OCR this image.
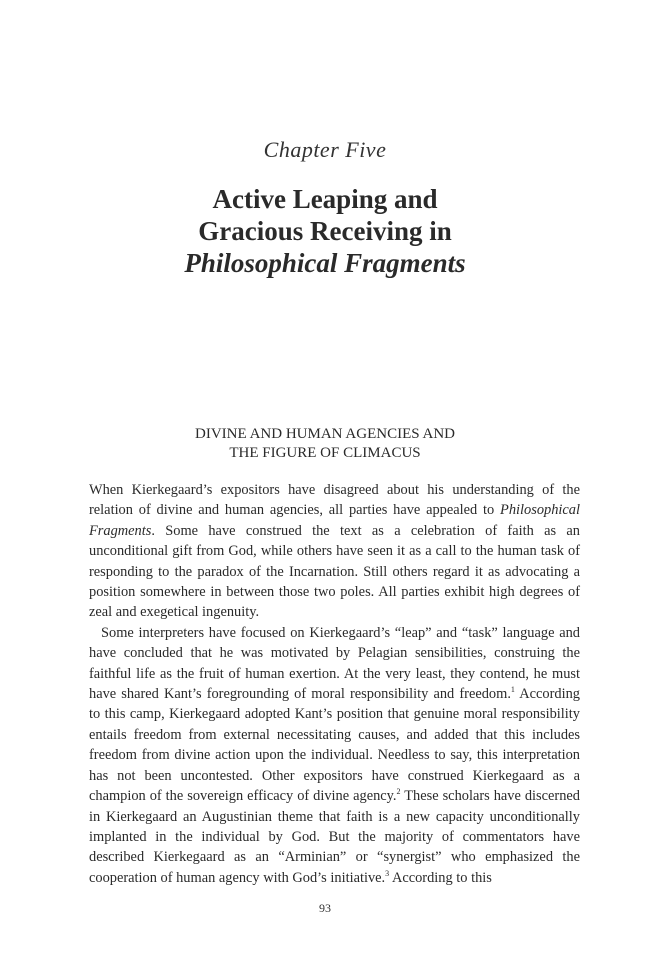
Chapter Five
Active Leaping and
Gracious Receiving in
Philosophical Fragments
DIVINE AND HUMAN AGENCIES AND
THE FIGURE OF CLIMACUS

When Kierkegaard’s expositors have disagreed about his understanding of the relation of divine and human agencies, all parties have appealed to Philosophical Fragments. Some have construed the text as a celebration of faith as an unconditional gift from God, while others have seen it as a call to the human task of responding to the paradox of the Incarnation. Still others regard it as advocating a position somewhere in between those two poles. All parties exhibit high degrees of zeal and exegetical ingenuity.

Some interpreters have focused on Kierkegaard’s “leap” and “task” language and have concluded that he was motivated by Pelagian sensibilities, construing the faithful life as the fruit of human exertion. At the very least, they contend, he must have shared Kant’s foregrounding of moral responsibility and freedom.$^1$ According to this camp, Kierkegaard adopted Kant’s position that genuine moral responsibility entails freedom from external necessitating causes, and added that this includes freedom from divine action upon the individual. Needless to say, this interpretation has not been uncontested. Other expositors have construed Kierkegaard as a champion of the sovereign efficacy of divine agency.$^2$ These scholars have discerned in Kierkegaard an Augustinian theme that faith is a new capacity unconditionally implanted in the individual by God. But the majority of commentators have described Kierkegaard as an “Arminian” or “synergist” who emphasized the cooperation of human agency with God’s initiative.$^3$ According to this

93
